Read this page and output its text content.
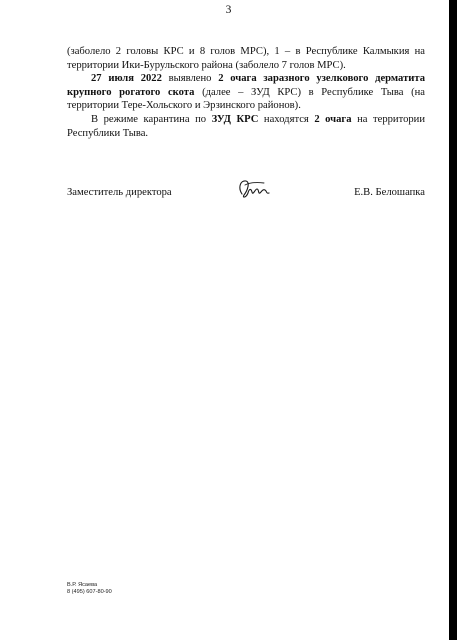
3

(заболело 2 головы КРС и 8 голов МРС), 1 – в Республике Калмыкия на территории Ики-Бурульского района (заболело 7 голов МРС).

27 июля 2022 выявлено 2 очага заразного узелкового дерматита крупного рогатого скота (далее – ЗУД КРС) в Республике Тыва (на территории Тере-Хольского и Эрзинского районов).

В режиме карантина по ЗУД КРС находятся 2 очага на территории Республики Тыва.

Заместитель директора	Е.В. Белошапка
В.Р. Ясаева
8 (495) 607-80-90
